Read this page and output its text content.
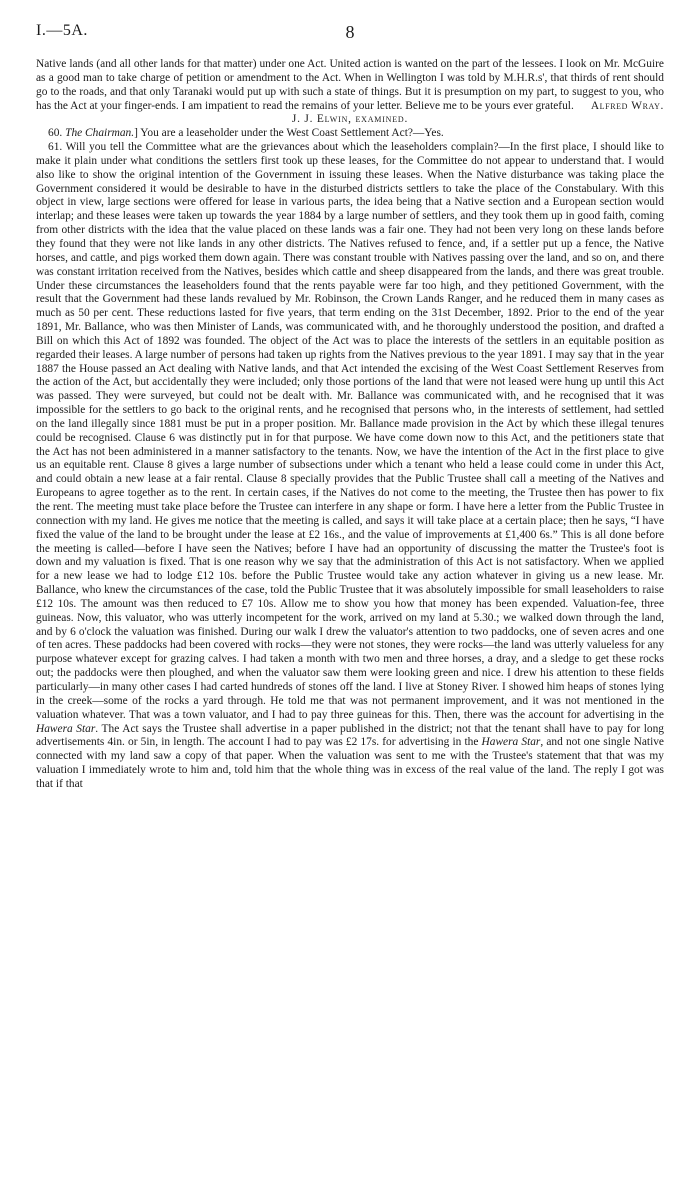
I.—5A.	8

Native lands (and all other lands for that matter) under one Act. United action is wanted on the part of the lessees. I look on Mr. McGuire as a good man to take charge of petition or amendment to the Act. When in Wellington I was told by M.H.R.s', that thirds of rent should go to the roads, and that only Taranaki would put up with such a state of things. But it is presumption on my part, to suggest to you, who has the Act at your finger-ends. I am impatient to read the remains of your letter. Believe me to be yours ever grateful. Alfred Wray.

J. J. Elwin, examined.

60. The Chairman.] You are a leaseholder under the West Coast Settlement Act?—Yes.

61. Will you tell the Committee what are the grievances about which the leaseholders complain?—In the first place, I should like to make it plain under what conditions the settlers first took up these leases, for the Committee do not appear to understand that. I would also like to show the original intention of the Government in issuing these leases. When the Native disturbance was taking place the Government considered it would be desirable to have in the disturbed districts settlers to take the place of the Constabulary. With this object in view, large sections were offered for lease in various parts, the idea being that a Native section and a European section would interlap; and these leases were taken up towards the year 1884 by a large number of settlers, and they took them up in good faith, coming from other districts with the idea that the value placed on these lands was a fair one. They had not been very long on these lands before they found that they were not like lands in any other districts. The Natives refused to fence, and, if a settler put up a fence, the Native horses, and cattle, and pigs worked them down again. There was constant trouble with Natives passing over the land, and so on, and there was constant irritation received from the Natives, besides which cattle and sheep disappeared from the lands, and there was great trouble. Under these circumstances the leaseholders found that the rents payable were far too high, and they petitioned Government, with the result that the Government had these lands revalued by Mr. Robinson, the Crown Lands Ranger, and he reduced them in many cases as much as 50 per cent. These reductions lasted for five years, that term ending on the 31st December, 1892. Prior to the end of the year 1891, Mr. Ballance, who was then Minister of Lands, was communicated with, and he thoroughly understood the position, and drafted a Bill on which this Act of 1892 was founded. The object of the Act was to place the interests of the settlers in an equitable position as regarded their leases. A large number of persons had taken up rights from the Natives previous to the year 1891. I may say that in the year 1887 the House passed an Act dealing with Native lands, and that Act intended the excising of the West Coast Settlement Reserves from the action of the Act, but accidentally they were included; only those portions of the land that were not leased were hung up until this Act was passed. They were surveyed, but could not be dealt with. Mr. Ballance was communicated with, and he recognised that it was impossible for the settlers to go back to the original rents, and he recognised that persons who, in the interests of settlement, had settled on the land illegally since 1881 must be put in a proper position. Mr. Ballance made provision in the Act by which these illegal tenures could be recognised. Clause 6 was distinctly put in for that purpose. We have come down now to this Act, and the petitioners state that the Act has not been administered in a manner satisfactory to the tenants. Now, we have the intention of the Act in the first place to give us an equitable rent. Clause 8 gives a large number of subsections under which a tenant who held a lease could come in under this Act, and could obtain a new lease at a fair rental. Clause 8 specially provides that the Public Trustee shall call a meeting of the Natives and Europeans to agree together as to the rent. In certain cases, if the Natives do not come to the meeting, the Trustee then has power to fix the rent. The meeting must take place before the Trustee can interfere in any shape or form. I have here a letter from the Public Trustee in connection with my land. He gives me notice that the meeting is called, and says it will take place at a certain place; then he says, “I have fixed the value of the land to be brought under the lease at £2 16s., and the value of improvements at £1,400 6s.” This is all done before the meeting is called—before I have seen the Natives; before I have had an opportunity of discussing the matter the Trustee's foot is down and my valuation is fixed. That is one reason why we say that the administration of this Act is not satisfactory. When we applied for a new lease we had to lodge £12 10s. before the Public Trustee would take any action whatever in giving us a new lease. Mr. Ballance, who knew the circumstances of the case, told the Public Trustee that it was absolutely impossible for small leaseholders to raise £12 10s. The amount was then reduced to £7 10s. Allow me to show you how that money has been expended. Valuation-fee, three guineas. Now, this valuator, who was utterly incompetent for the work, arrived on my land at 5.30.; we walked down through the land, and by 6 o'clock the valuation was finished. During our walk I drew the valuator's attention to two paddocks, one of seven acres and one of ten acres. These paddocks had been covered with rocks—they were not stones, they were rocks—the land was utterly valueless for any purpose whatever except for grazing calves. I had taken a month with two men and three horses, a dray, and a sledge to get these rocks out; the paddocks were then ploughed, and when the valuator saw them were looking green and nice. I drew his attention to these fields particularly—in many other cases I had carted hundreds of stones off the land. I live at Stoney River. I showed him heaps of stones lying in the creek—some of the rocks a yard through. He told me that was not permanent improvement, and it was not mentioned in the valuation whatever. That was a town valuator, and I had to pay three guineas for this. Then, there was the account for advertising in the Hawera Star. The Act says the Trustee shall advertise in a paper published in the district; not that the tenant shall have to pay for long advertisements 4in. or 5in, in length. The account I had to pay was £2 17s. for advertising in the Hawera Star, and not one single Native connected with my land saw a copy of that paper. When the valuation was sent to me with the Trustee's statement that that was my valuation I immediately wrote to him and, told him that the whole thing was in excess of the real value of the land. The reply I got was that if that
